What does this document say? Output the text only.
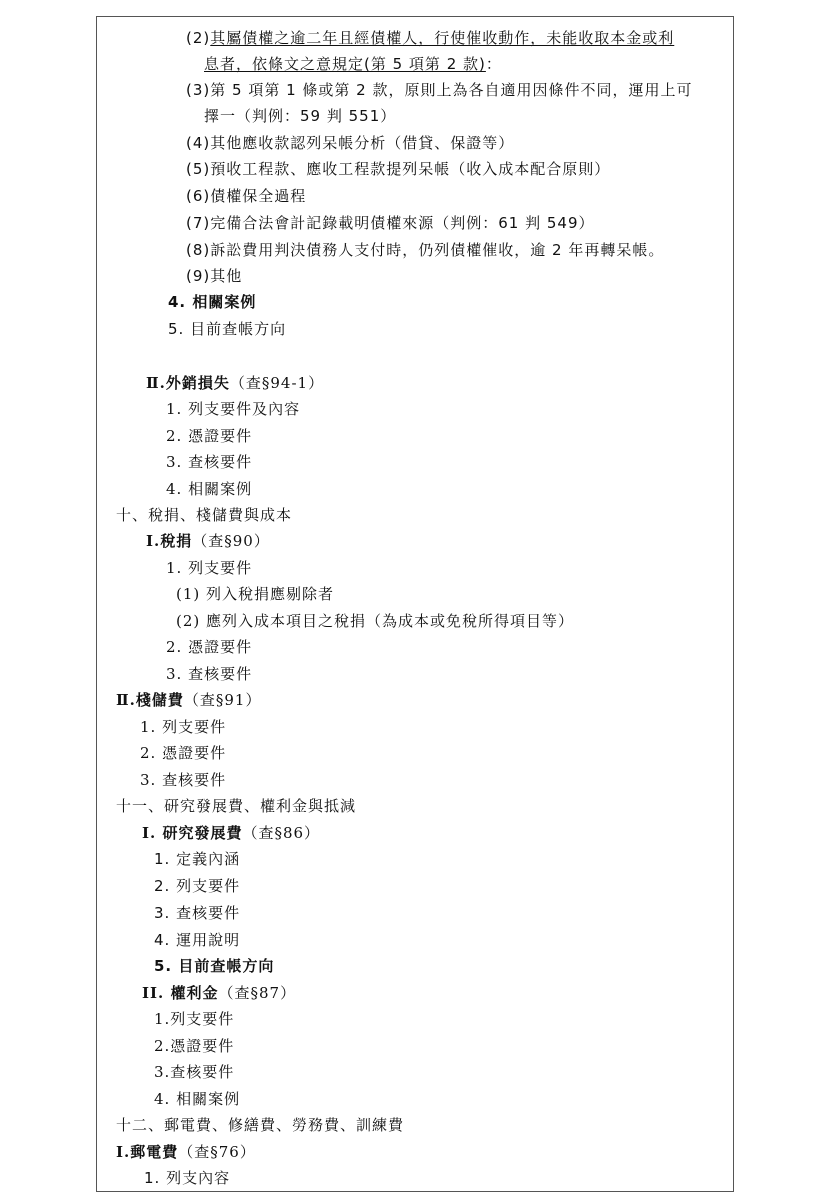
(2)其屬債權之逾二年且經債權人，行使催收動作，未能收取本金或利
息者，依條文之意規定(第 5 項第 2 款)：
(3)第 5 項第 1 條或第 2 款，原則上為各自適用因條件不同，運用上可
擇一（判例：59 判 551）
(4)其他應收款認列呆帳分析（借貸、保證等）
(5)預收工程款、應收工程款提列呆帳（收入成本配合原則）
(6)債權保全過程
(7)完備合法會計記錄載明債權來源（判例：61 判 549）
(8)訴訟費用判決債務人支付時，仍列債權催收，逾 2 年再轉呆帳。
(9)其他
4. 相關案例
5. 目前查帳方向
Ⅱ.外銷損失（查§94-1）
1. 列支要件及內容
2. 憑證要件
3. 查核要件
4. 相關案例
十、稅捐、棧儲費與成本
Ⅰ.稅捐（查§90）
1. 列支要件
(1) 列入稅捐應剔除者
(2) 應列入成本項目之稅捐（為成本或免稅所得項目等）
2. 憑證要件
3. 查核要件
Ⅱ.棧儲費（查§91）
1. 列支要件
2. 憑證要件
3. 查核要件
十一、研究發展費、權利金與抵減
I. 研究發展費（查§86）
1. 定義內涵
2. 列支要件
3. 查核要件
4. 運用說明
5. 目前查帳方向
II. 權利金（查§87）
1.列支要件
2.憑證要件
3.查核要件
4. 相關案例
十二、郵電費、修繕費、勞務費、訓練費
Ⅰ.郵電費（查§76）
1. 列支內容
